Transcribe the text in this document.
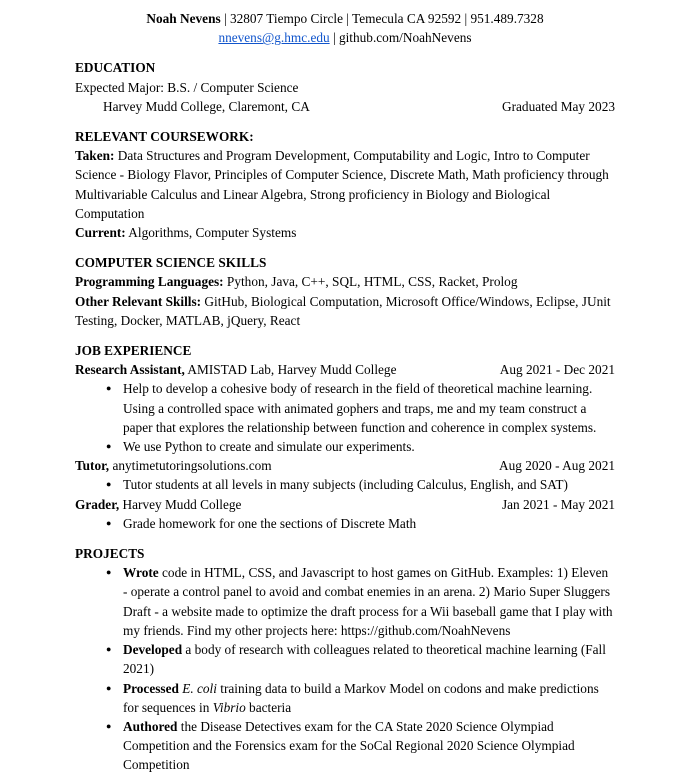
Noah Nevens | 32807 Tiempo Circle | Temecula CA 92592 | 951.489.7328
nnevens@g.hmc.edu | github.com/NoahNevens
EDUCATION

Expected Major: B.S. / Computer Science

Harvey Mudd College, Claremont, CA	Graduated May 2023
RELEVANT COURSEWORK:

Taken: Data Structures and Program Development, Computability and Logic, Intro to Computer Science - Biology Flavor, Principles of Computer Science, Discrete Math, Math proficiency through Multivariable Calculus and Linear Algebra, Strong proficiency in Biology and Biological Computation

Current: Algorithms, Computer Systems

COMPUTER SCIENCE SKILLS

Programming Languages: Python, Java, C++, SQL, HTML, CSS, Racket, Prolog

Other Relevant Skills: GitHub, Biological Computation, Microsoft Office/Windows, Eclipse, JUnit Testing, Docker, MATLAB, jQuery, React

JOB EXPERIENCE
Research Assistant, AMISTAD Lab, Harvey Mudd College	Aug 2021 - Dec 2021
● Help to develop a cohesive body of research in the field of theoretical machine learning. Using a controlled space with animated gophers and traps, me and my team construct a paper that explores the relationship between function and coherence in complex systems.
● We use Python to create and simulate our experiments.
Tutor, anytimetutoringsolutions.com	Aug 2020 - Aug 2021
● Tutor students at all levels in many subjects (including Calculus, English, and SAT)
Grader, Harvey Mudd College	Jan 2021 - May 2021
● Grade homework for one the sections of Discrete Math
PROJECTS
● Wrote code in HTML, CSS, and Javascript to host games on GitHub. Examples: 1) Eleven - operate a control panel to avoid and combat enemies in an arena. 2) Mario Super Sluggers Draft - a website made to optimize the draft process for a Wii baseball game that I play with my friends. Find my other projects here: https://github.com/NoahNevens
● Developed a body of research with colleagues related to theoretical machine learning (Fall 2021)
● Processed E. coli training data to build a Markov Model on codons and make predictions for sequences in Vibrio bacteria
● Authored the Disease Detectives exam for the CA State 2020 Science Olympiad Competition and the Forensics exam for the SoCal Regional 2020 Science Olympiad Competition
